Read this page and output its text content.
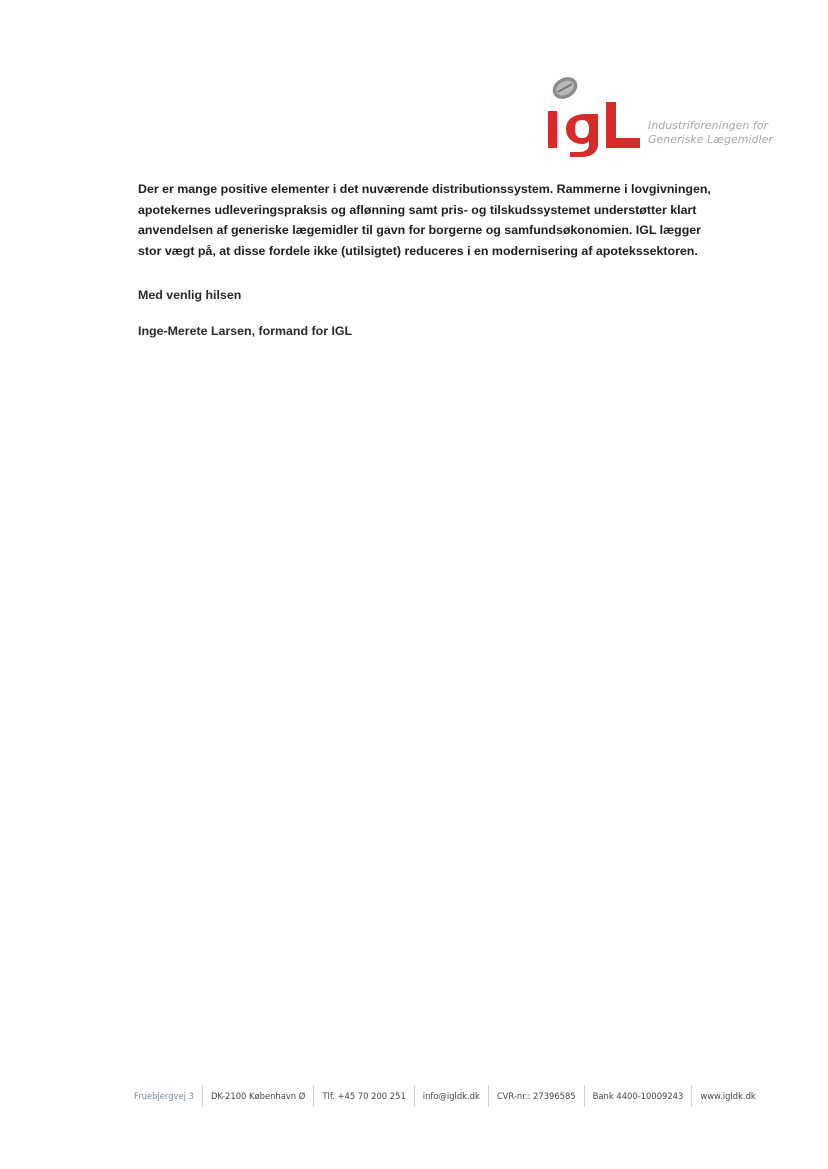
Industriforeningen for
Generiske Lægemidler

Der er mange positive elementer i det nuværende distributionssystem. Rammerne i lovgivningen, apotekernes udleveringspraksis og aflønning samt pris- og tilskudssystemet understøtter klart anvendelsen af generiske lægemidler til gavn for borgerne og samfundsøkonomien. IGL lægger stor vægt på, at disse fordele ikke (utilsigtet) reduceres i en modernisering af apotekssektoren.

Med venlig hilsen

Inge-Merete Larsen, formand for IGL

Fruebjergvej 3	DK-2100 København Ø	Tlf. +45 70 200 251	info@igldk.dk	CVR-nr.: 27396585	Bank 4400-10009243	www.igldk.dk
